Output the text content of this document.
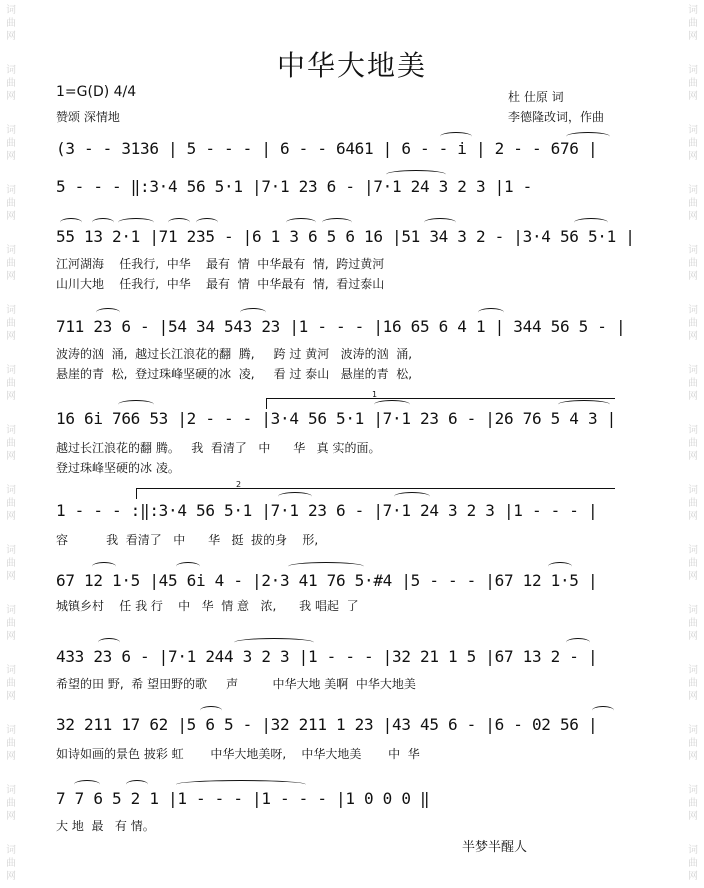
词
曲
网
词
曲
网
词
曲
网
词
曲
网
词
曲
网
词
曲
网
词
曲
网
词
曲
网
词
曲
网
词
曲
网
词
曲
网
词
曲
网
词
曲
网
词
曲
网
词
曲
网
词
曲
网
词
曲
网
词
曲
网
词
曲
网
词
曲
网
词
曲
网
词
曲
网
词
曲
网
词
曲
网
词
曲
网
词
曲
网
词
曲
网
词
曲
网
词
曲
网
词
曲
网
中华大地美
1=G(D) 4/4
赞颂 深情地
杜 仕原 词
李德隆改词，作曲
(3 - - 3136 | 5 - - - | 6 - - 6461 | 6 - - i | 2 - - 676 |
5 - - - ‖:3·4 56 5·1 |7·1 23 6 - |7·1 24 3 2 3 |1 -
55 13 2·1 |71 235 - |6 1 3 6 5 6 16 |51 34 3 2 - |3·4 56 5·1 |
江河湖海    任我行,  中华    最有  情  中华最有  情,  跨过黄河
山川大地    任我行,  中华    最有  情  中华最有  情,  看过泰山
711 23 6 - |54 34 543 23 |1 - - - |16 65 6 4 1 | 344 56 5 - |
波涛的汹  涌,  越过长江浪花的翻  腾,     跨 过 黄河   波涛的汹  涌,
悬崖的青  松,  登过珠峰坚硬的冰  凌,     看 过 泰山   悬崖的青  松,
1
16 6i 766 53 |2 - - - |3·4 56 5·1 |7·1 23 6 - |26 76 5 4 3 |
越过长江浪花的翻 腾。   我  看清了   中      华   真 实的面。
登过珠峰坚硬的冰 凌。
2
1 - - - :‖:3·4 56 5·1 |7·1 23 6 - |7·1 24 3 2 3 |1 - - - |
容          我  看清了   中      华   挺  拔的身    形,
67 12 1·5 |45 6i 4 - |2·3 41 76 5·#4 |5 - - - |67 12 1·5 |
城镇乡村    任 我 行    中   华  情 意   浓,      我 唱起  了
433 23 6 - |7·1 244 3 2 3 |1 - - - |32 21 1 5 |67 13 2 - |
希望的田 野,  希 望田野的歌     声         中华大地 美啊  中华大地美
32 211 17 62 |5 6 5 - |32 211 1 23 |43 45 6 - |6 - 02 56 |
如诗如画的景色 披彩 虹       中华大地美呀,    中华大地美       中  华
7 7 6 5 2 1 |1 - - - |1 - - - |1 0 0 0 ‖
大 地  最   有 情。
半梦半醒人
